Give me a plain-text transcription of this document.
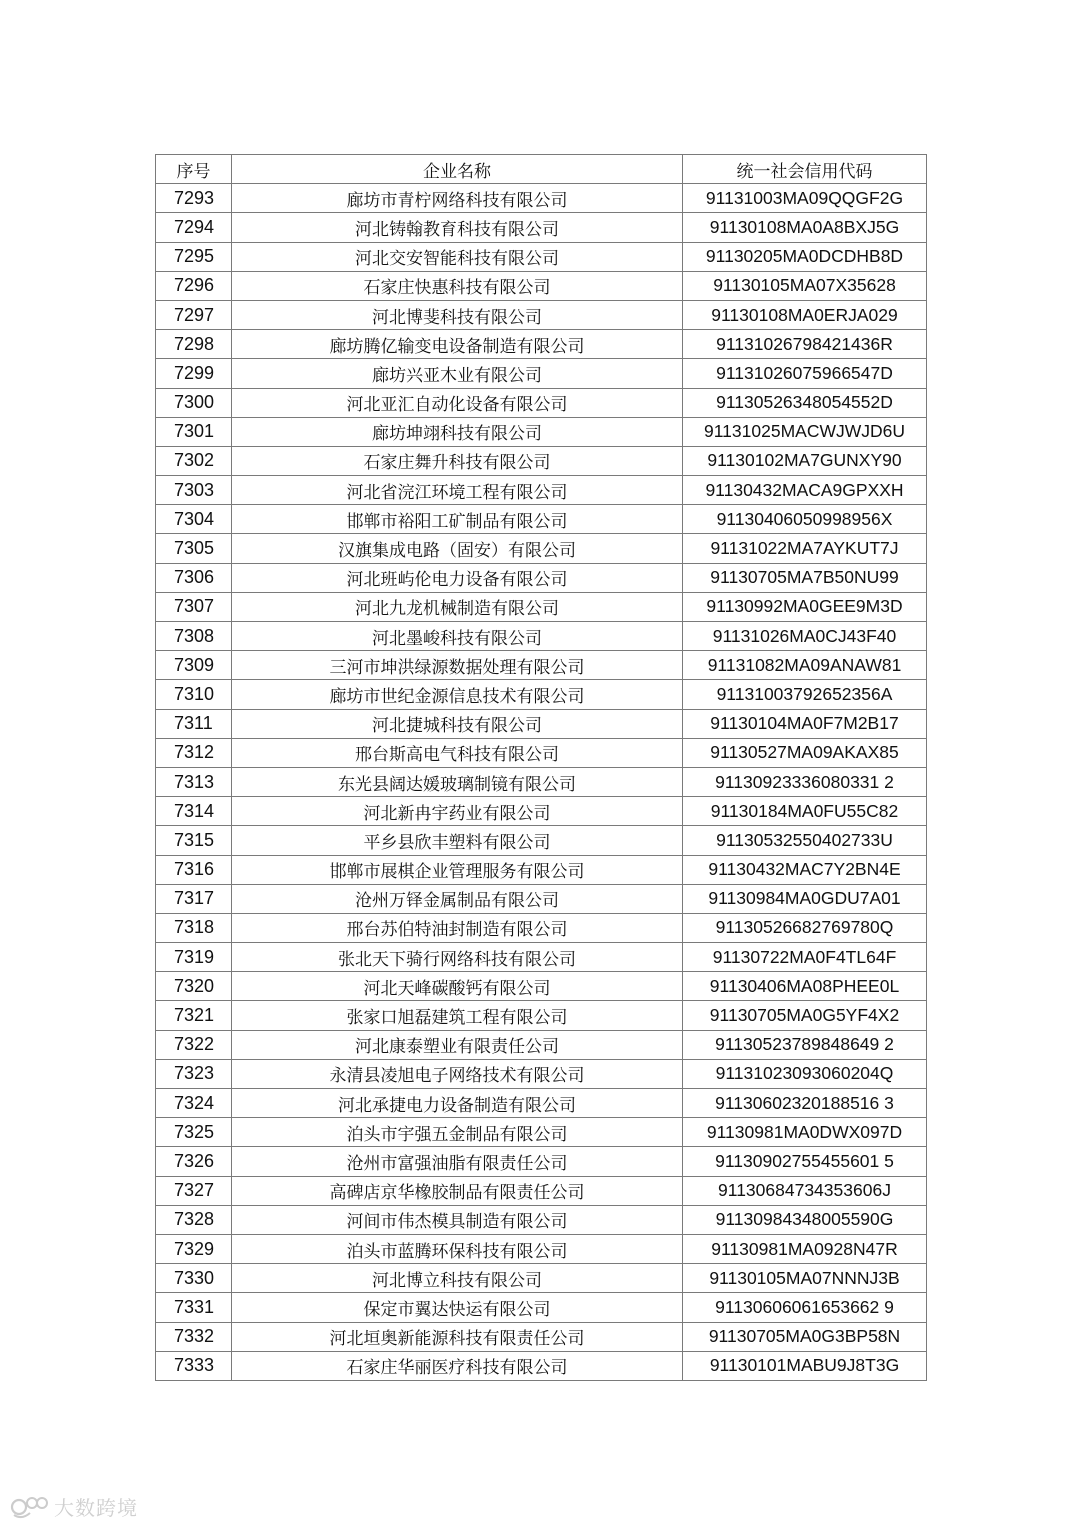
序号	企业名称	统一社会信用代码
7293	廊坊市青柠网络科技有限公司	91131003MA09QQGF2G
7294	河北铸翰教育科技有限公司	91130108MA0A8BXJ5G
7295	河北交安智能科技有限公司	91130205MA0DCDHB8D
7296	石家庄快惠科技有限公司	91130105MA07X35628
7297	河北博斐科技有限公司	91130108MA0ERJA029
7298	廊坊腾亿输变电设备制造有限公司	91131026798421436R
7299	廊坊兴亚木业有限公司	91131026075966547D
7300	河北亚汇自动化设备有限公司	91130526348054552D
7301	廊坊坤翊科技有限公司	91131025MACWJWJD6U
7302	石家庄舞升科技有限公司	91130102MA7GUNXY90
7303	河北省浣江环境工程有限公司	91130432MACA9GPXXH
7304	邯郸市裕阳工矿制品有限公司	91130406050998956X
7305	汉旗集成电路（固安）有限公司	91131022MA7AYKUT7J
7306	河北班屿伦电力设备有限公司	91130705MA7B50NU99
7307	河北九龙机械制造有限公司	91130992MA0GEE9M3D
7308	河北墨峻科技有限公司	91131026MA0CJ43F40
7309	三河市坤洪绿源数据处理有限公司	91131082MA09ANAW81
7310	廊坊市世纪金源信息技术有限公司	91131003792652356A
7311	河北捷城科技有限公司	91130104MA0F7M2B17
7312	邢台斯高电气科技有限公司	91130527MA09AKAX85
7313	东光县阔达媛玻璃制镜有限公司	91130923336080331 2
7314	河北新冉宇药业有限公司	91130184MA0FU55C82
7315	平乡县欣丰塑料有限公司	91130532550402733U
7316	邯郸市展棋企业管理服务有限公司	91130432MAC7Y2BN4E
7317	沧州万铎金属制品有限公司	91130984MA0GDU7A01
7318	邢台苏伯特油封制造有限公司	91130526682769780Q
7319	张北天下骑行网络科技有限公司	91130722MA0F4TL64F
7320	河北天峰碳酸钙有限公司	91130406MA08PHEE0L
7321	张家口旭磊建筑工程有限公司	91130705MA0G5YF4X2
7322	河北康泰塑业有限责任公司	91130523789848649 2
7323	永清县凌旭电子网络技术有限公司	91131023093060204Q
7324	河北承捷电力设备制造有限公司	91130602320188516 3
7325	泊头市宇强五金制品有限公司	91130981MA0DWX097D
7326	沧州市富强油脂有限责任公司	91130902755455601 5
7327	高碑店京华橡胶制品有限责任公司	91130684734353606J
7328	河间市伟杰模具制造有限公司	91130984348005590G
7329	泊头市蓝腾环保科技有限公司	91130981MA0928N47R
7330	河北博立科技有限公司	91130105MA07NNNJ3B
7331	保定市翼达快运有限公司	91130606061653662 9
7332	河北垣奥新能源科技有限责任公司	91130705MA0G3BP58N
7333	石家庄华丽医疗科技有限公司	91130101MABU9J8T3G
大数跨境
